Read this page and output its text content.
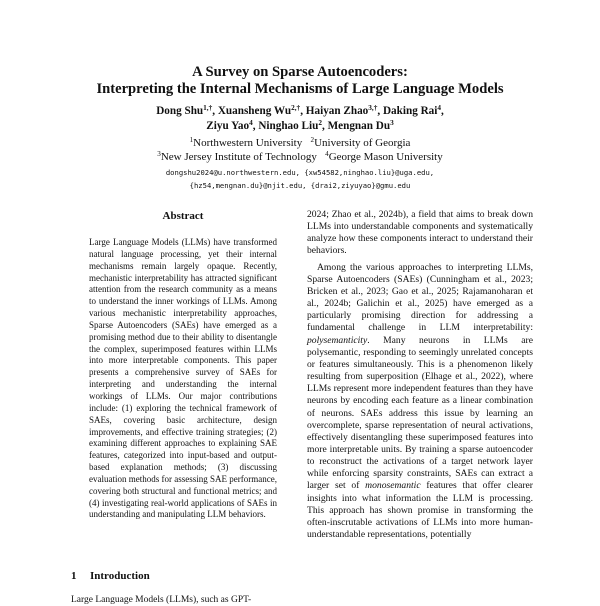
A Survey on Sparse Autoencoders:
Interpreting the Internal Mechanisms of Large Language Models
Dong Shu$^{1,\dagger}$, Xuansheng $Wu^{2,\dagger}$, Haiyan Zhao$^{3,\dagger}$, Daking Rai$^4$,
Ziyu Yao$^4$, Ninghao Liu$^2$, Mengnan Du$^3$
$^1$Northwestern University $^2$University of Georgia
$^3$New Jersey Institute of Technology $^4$George Mason University
dongshu2024@u.northwestern.edu, {xw54582,ninghao.liu}@uga.edu,
{hz54,mengnan.du}@njit.edu, {drai2,ziyuyao}@gmu.edu
Abstract
Large Language Models (LLMs) have transformed natural language processing, yet their internal mechanisms remain largely opaque. Recently, mechanistic interpretability has attracted significant attention from the research community as a means to understand the inner workings of LLMs. Among various mechanistic interpretability approaches, Sparse Autoencoders (SAEs) have emerged as a promising method due to their ability to disentangle the complex, superimposed features within LLMs into more interpretable components. This paper presents a comprehensive survey of SAEs for interpreting and understanding the internal workings of LLMs. Our major contributions include: (1) exploring the technical framework of SAEs, covering basic architecture, design improvements, and effective training strategies; (2) examining different approaches to explaining SAE features, categorized into input-based and output-based explanation methods; (3) discussing evaluation methods for assessing SAE performance, covering both structural and functional metrics; and (4) investigating real-world applications of SAEs in understanding and manipulating LLM behaviors.
1 Introduction
Large Language Models (LLMs), such as GPT-

2024; Zhao et al., 2024b), a field that aims to break down LLMs into understandable components and systematically analyze how these components interact to understand their behaviors.

Among the various approaches to interpreting LLMs, Sparse Autoencoders (SAEs) (Cunningham et al., 2023; Bricken et al., 2023; Gao et al., 2025; Rajamanoharan et al., 2024b; Galichin et al., 2025) have emerged as a particularly promising direction for addressing a fundamental challenge in LLM interpretability: polysemanticity. Many neurons in LLMs are polysemantic, responding to seemingly unrelated concepts or features simultaneously. This is a phenomenon likely resulting from superposition (Elhage et al., 2022), where LLMs represent more independent features than they have neurons by encoding each feature as a linear combination of neurons. SAEs address this issue by learning an overcomplete, sparse representation of neural activations, effectively disentangling these superimposed features into more interpretable units. By training a sparse autoencoder to reconstruct the activations of a target network layer while enforcing sparsity constraints, SAEs can extract a larger set of monosemantic features that offer clearer insights into what information the LLM is processing. This approach has shown promise in transforming the often-inscrutable activations of LLMs into more human-understandable representations, potentially
